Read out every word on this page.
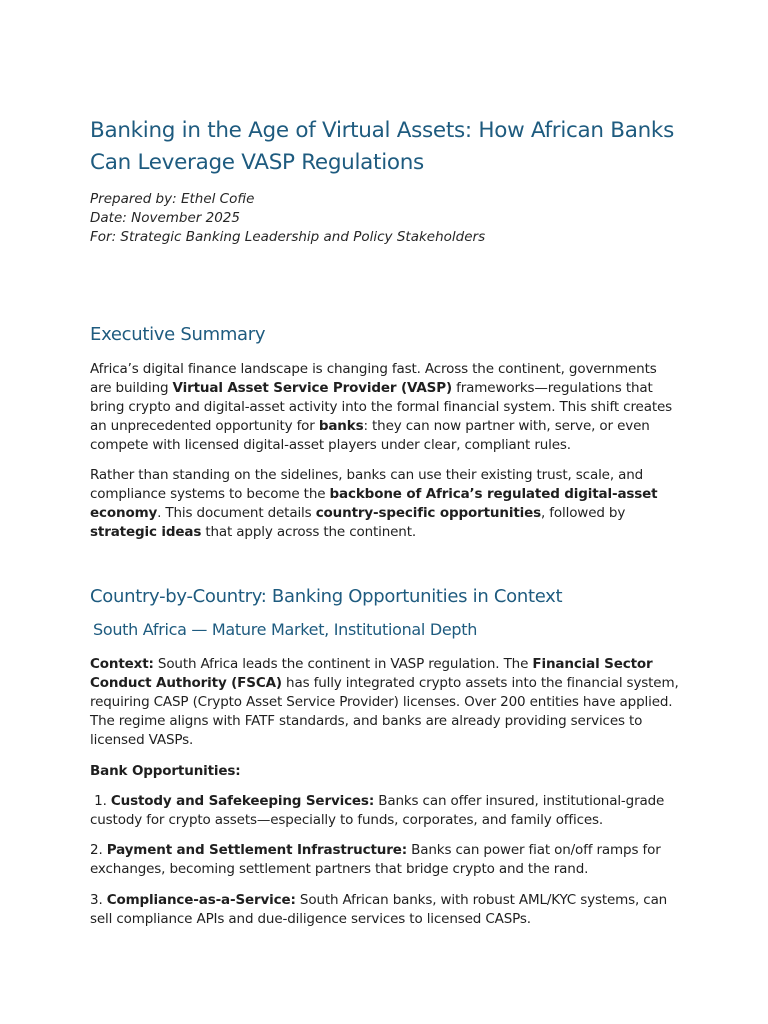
Banking in the Age of Virtual Assets: How African Banks Can Leverage VASP Regulations
Prepared by: Ethel Cofie
Date: November 2025
For: Strategic Banking Leadership and Policy Stakeholders
Executive Summary

Africa’s digital finance landscape is changing fast. Across the continent, governments are building Virtual Asset Service Provider (VASP) frameworks—regulations that bring crypto and digital-asset activity into the formal financial system. This shift creates an unprecedented opportunity for banks: they can now partner with, serve, or even compete with licensed digital-asset players under clear, compliant rules.

Rather than standing on the sidelines, banks can use their existing trust, scale, and compliance systems to become the backbone of Africa’s regulated digital-asset economy. This document details country-specific opportunities, followed by strategic ideas that apply across the continent.

Country-by-Country: Banking Opportunities in Context
South Africa — Mature Market, Institutional Depth

Context: South Africa leads the continent in VASP regulation. The Financial Sector Conduct Authority (FSCA) has fully integrated crypto assets into the financial system, requiring CASP (Crypto Asset Service Provider) licenses. Over 200 entities have applied. The regime aligns with FATF standards, and banks are already providing services to licensed VASPs.

Bank Opportunities:

1. Custody and Safekeeping Services: Banks can offer insured, institutional-grade custody for crypto assets—especially to funds, corporates, and family offices.

2. Payment and Settlement Infrastructure: Banks can power fiat on/off ramps for exchanges, becoming settlement partners that bridge crypto and the rand.

3. Compliance-as-a-Service: South African banks, with robust AML/KYC systems, can sell compliance APIs and due-diligence services to licensed CASPs.
